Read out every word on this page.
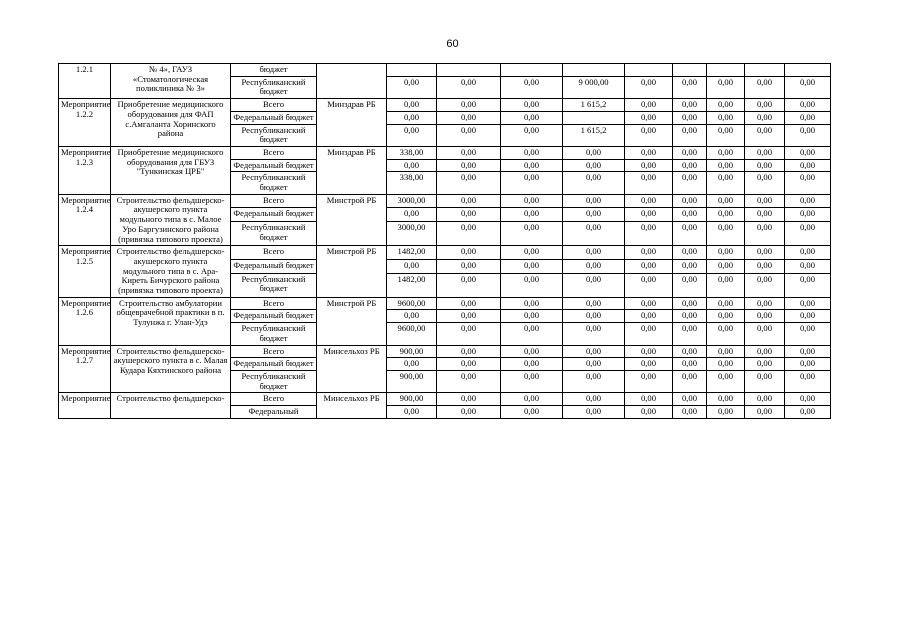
60
1.2.1	№ 4», ГАУЗ «Стоматологическая поликлиника № 3»	бюджет										
		Республиканский бюджет		0,00	0,00	0,00	9 000,00	0,00	0,00	0,00	0,00	0,00
Мероприятие 1.2.2	Приобретение медицинского оборудования для ФАП с.Амгаланта Хоринского района	Всего	Минздрав РБ	0,00	0,00	0,00	1 615,2	0,00	0,00	0,00	0,00	0,00
		Федеральный бюджет		0,00	0,00	0,00		0,00	0,00	0,00	0,00	0,00
		Республиканский бюджет		0,00	0,00	0,00	1 615,2	0,00	0,00	0,00	0,00	0,00
Мероприятие 1.2.3	Приобретение медицинского оборудования для ГБУЗ "Тункинская ЦРБ"	Всего	Минздрав РБ	338,00	0,00	0,00	0,00	0,00	0,00	0,00	0,00	0,00
		Федеральный бюджет		0,00	0,00	0,00	0,00	0,00	0,00	0,00	0,00	0,00
		Республиканский бюджет		338,00	0,00	0,00	0,00	0,00	0,00	0,00	0,00	0,00
Мероприятие 1.2.4	Строительство фельдшерско-акушерского пункта модульного типа в с. Малое Уро Баргузинского района (привязка типового проекта)	Всего	Минстрой РБ	3000,00	0,00	0,00	0,00	0,00	0,00	0,00	0,00	0,00
		Федеральный бюджет		0,00	0,00	0,00	0,00	0,00	0,00	0,00	0,00	0,00
		Республиканский бюджет		3000,00	0,00	0,00	0,00	0,00	0,00	0,00	0,00	0,00
Мероприятие 1.2.5	Строительство фельдшерско-акушерского пункта модульного типа в с. Ара-Киреть Бичурского района (привязка типового проекта)	Всего	Минстрой РБ	1482,00	0,00	0,00	0,00	0,00	0,00	0,00	0,00	0,00
		Федеральный бюджет		0,00	0,00	0,00	0,00	0,00	0,00	0,00	0,00	0,00
		Республиканский бюджет		1482,00	0,00	0,00	0,00	0,00	0,00	0,00	0,00	0,00
Мероприятие 1.2.6	Строительство амбулатории общеврачебной практики в п. Тулунжа г. Улан-Удэ	Всего	Минстрой РБ	9600,00	0,00	0,00	0,00	0,00	0,00	0,00	0,00	0,00
		Федеральный бюджет		0,00	0,00	0,00	0,00	0,00	0,00	0,00	0,00	0,00
		Республиканский бюджет		9600,00	0,00	0,00	0,00	0,00	0,00	0,00	0,00	0,00
Мероприятие 1.2.7	Строительство фельдшерско-акушерского пункта в с. Малая Кудара Кяхтинского района	Всего	Минсельхоз РБ	900,00	0,00	0,00	0,00	0,00	0,00	0,00	0,00	0,00
		Федеральный бюджет		0,00	0,00	0,00	0,00	0,00	0,00	0,00	0,00	0,00
		Республиканский бюджет		900,00	0,00	0,00	0,00	0,00	0,00	0,00	0,00	0,00
Мероприятие	Строительство фельдшерско-	Всего	Минсельхоз РБ	900,00	0,00	0,00	0,00	0,00	0,00	0,00	0,00	0,00
		Федеральный		0,00	0,00	0,00	0,00	0,00	0,00	0,00	0,00	0,00
